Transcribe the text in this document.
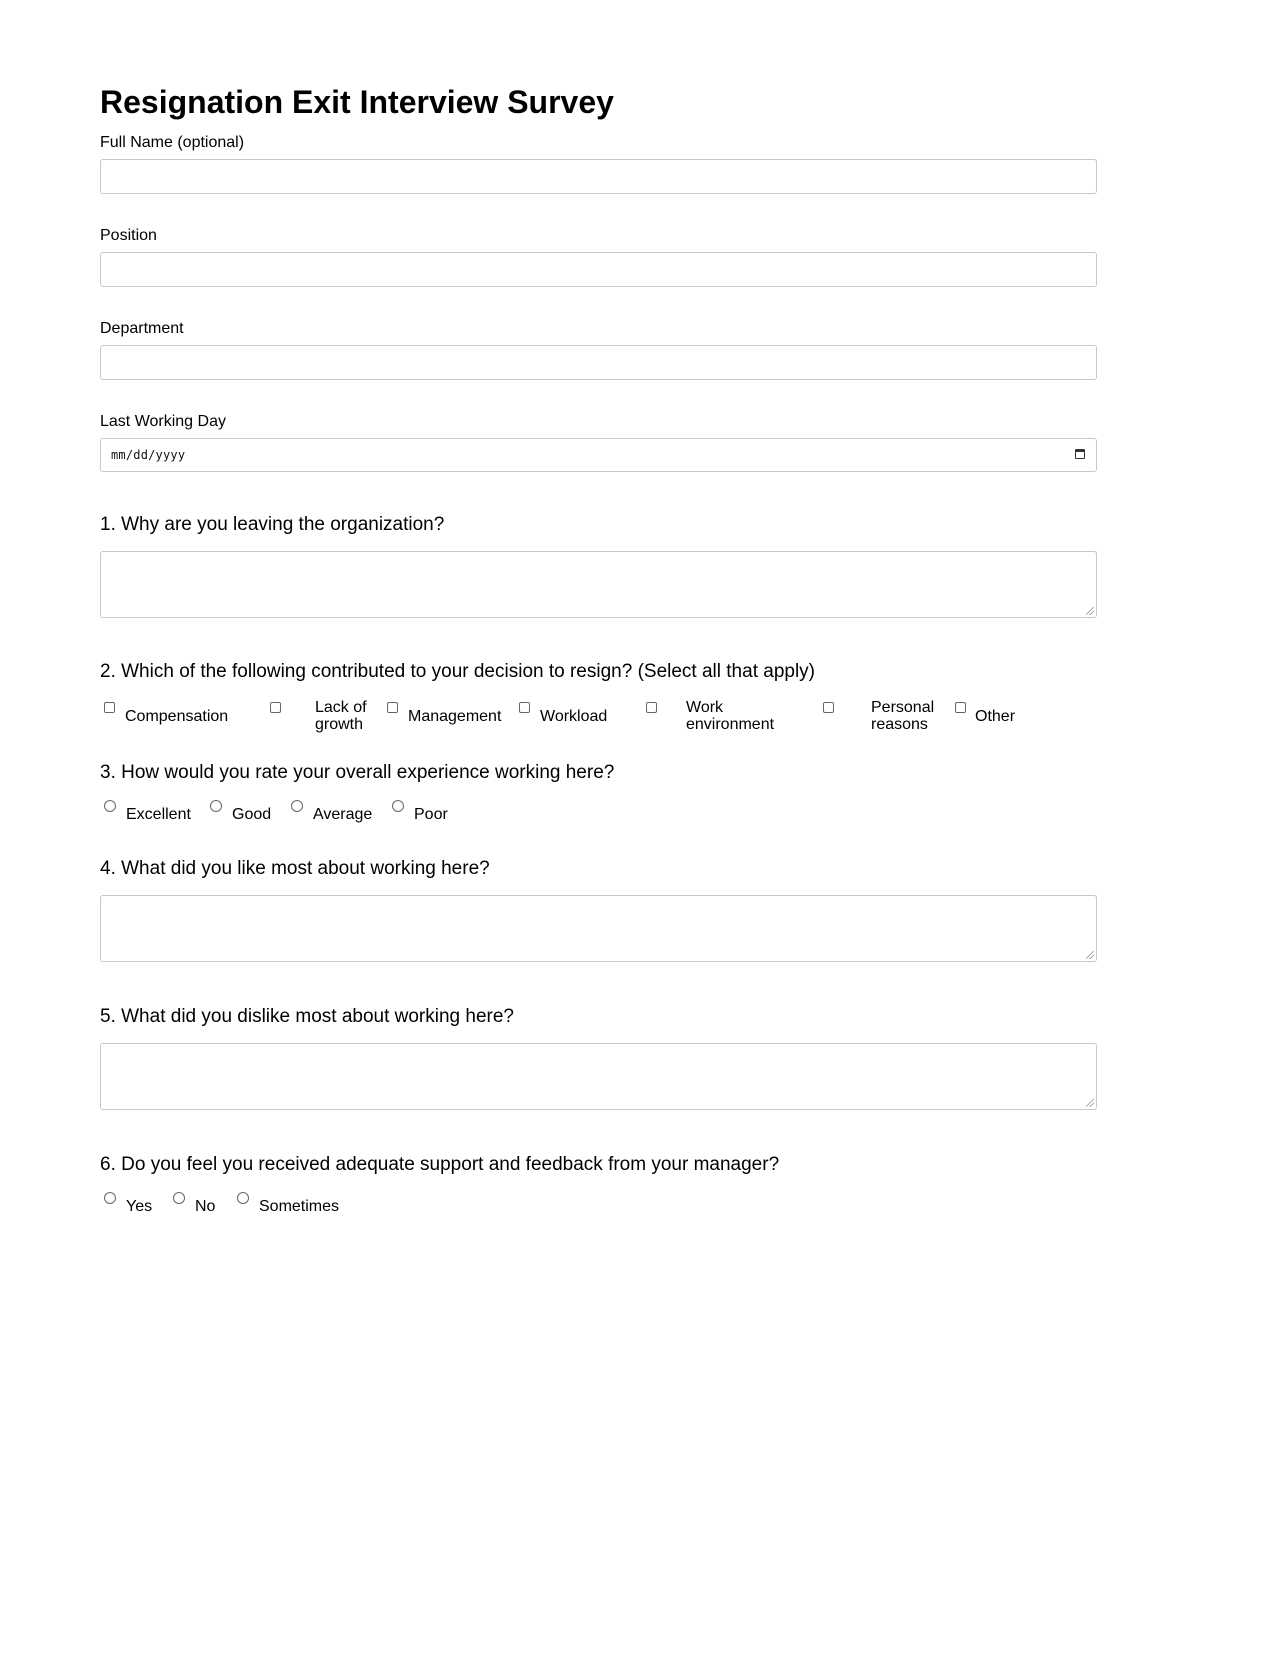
Resignation Exit Interview Survey
Full Name (optional)
Position
Department
Last Working Day
mm/dd/yyyy
1. Why are you leaving the organization?
2. Which of the following contributed to your decision to resign? (Select all that apply)
Compensation
Lack of
growth	Management Workload
Work
environment
Personal
reasons	Other
3. How would you rate your overall experience working here?
Excellent	Good	Average	Poor
4. What did you like most about working here?
5. What did you dislike most about working here?
6. Do you feel you received adequate support and feedback from your manager?
Yes	No	Sometimes
